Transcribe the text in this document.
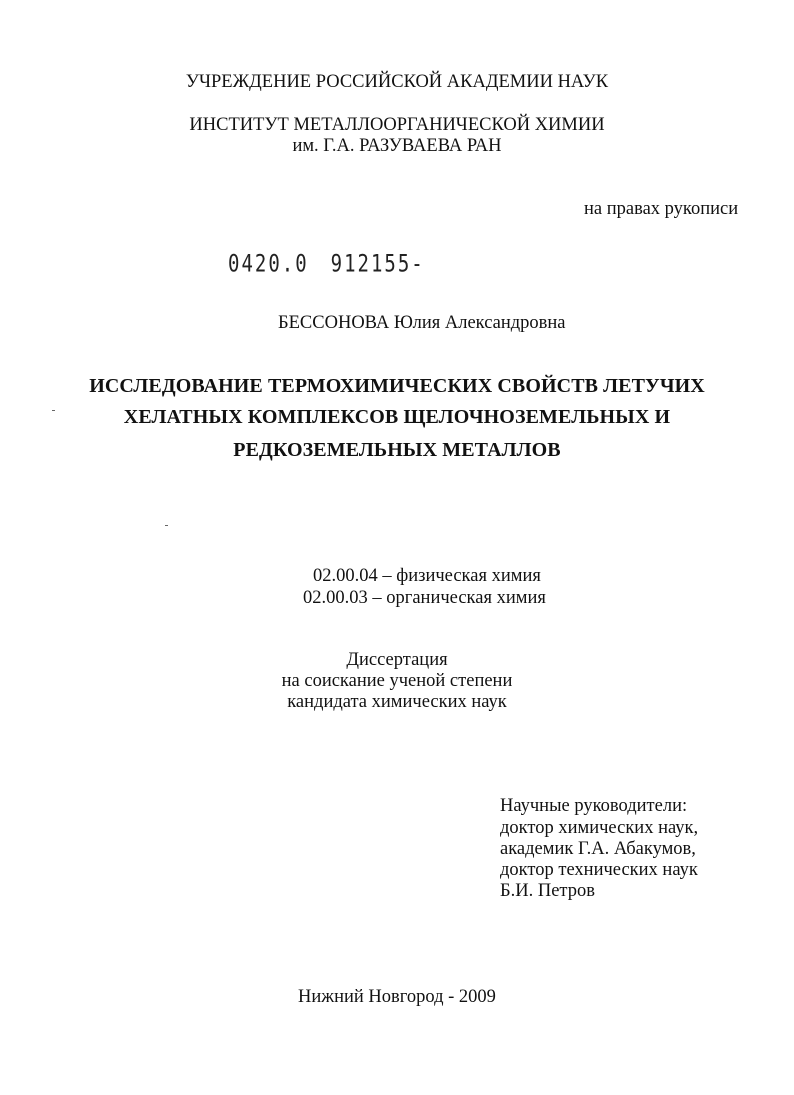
УЧРЕЖДЕНИЕ РОССИЙСКОЙ АКАДЕМИИ НАУК
ИНСТИТУТ МЕТАЛЛООРГАНИЧЕСКОЙ ХИМИИ
им. Г.А. РАЗУВАЕВА РАН
на правах рукописи
0420.0 912155-
БЕССОНОВА Юлия Александровна
ИССЛЕДОВАНИЕ ТЕРМОХИМИЧЕСКИХ СВОЙСТВ ЛЕТУЧИХ
ХЕЛАТНЫХ КОМПЛЕКСОВ ЩЕЛОЧНОЗЕМЕЛЬНЫХ И
РЕДКОЗЕМЕЛЬНЫХ МЕТАЛЛОВ
02.00.04 – физическая химия
02.00.03 – органическая химия
Диссертация
на соискание ученой степени
кандидата химических наук
Научные руководители:
доктор химических наук,
академик Г.А. Абакумов,
доктор технических наук
Б.И. Петров
Нижний Новгород - 2009
